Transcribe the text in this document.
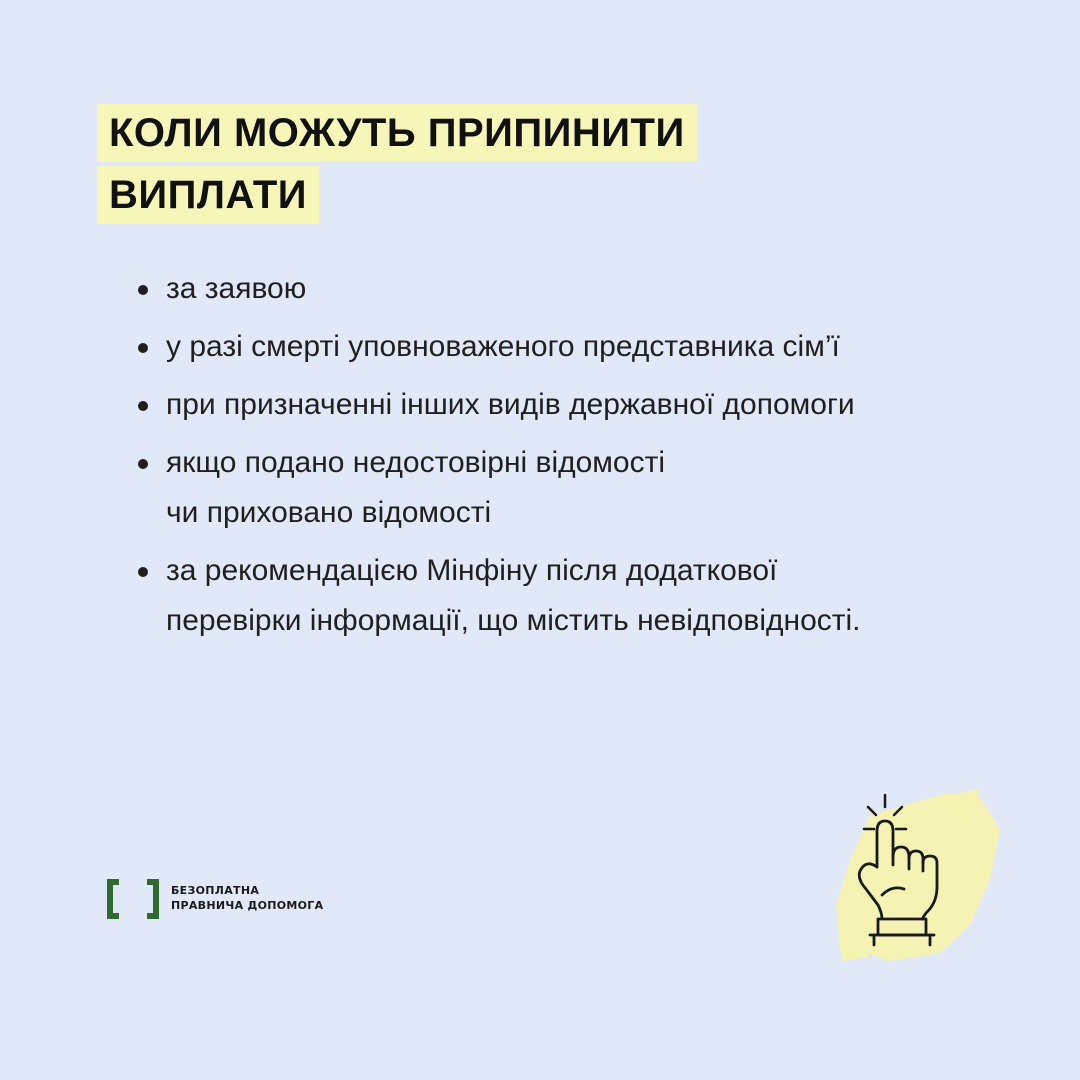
КОЛИ МОЖУТЬ ПРИПИНИТИ
ВИПЛАТИ
за заявою
у разі смерті уповноваженого представника сім’ї
при призначенні інших видів державної допомоги
якщо подано недостовірні відомості
чи приховано відомості
за рекомендацією Мінфіну після додаткової
перевірки інформації, що містить невідповідності.
БЕЗОПЛАТНА
ПРАВНИЧА ДОПОМОГА
